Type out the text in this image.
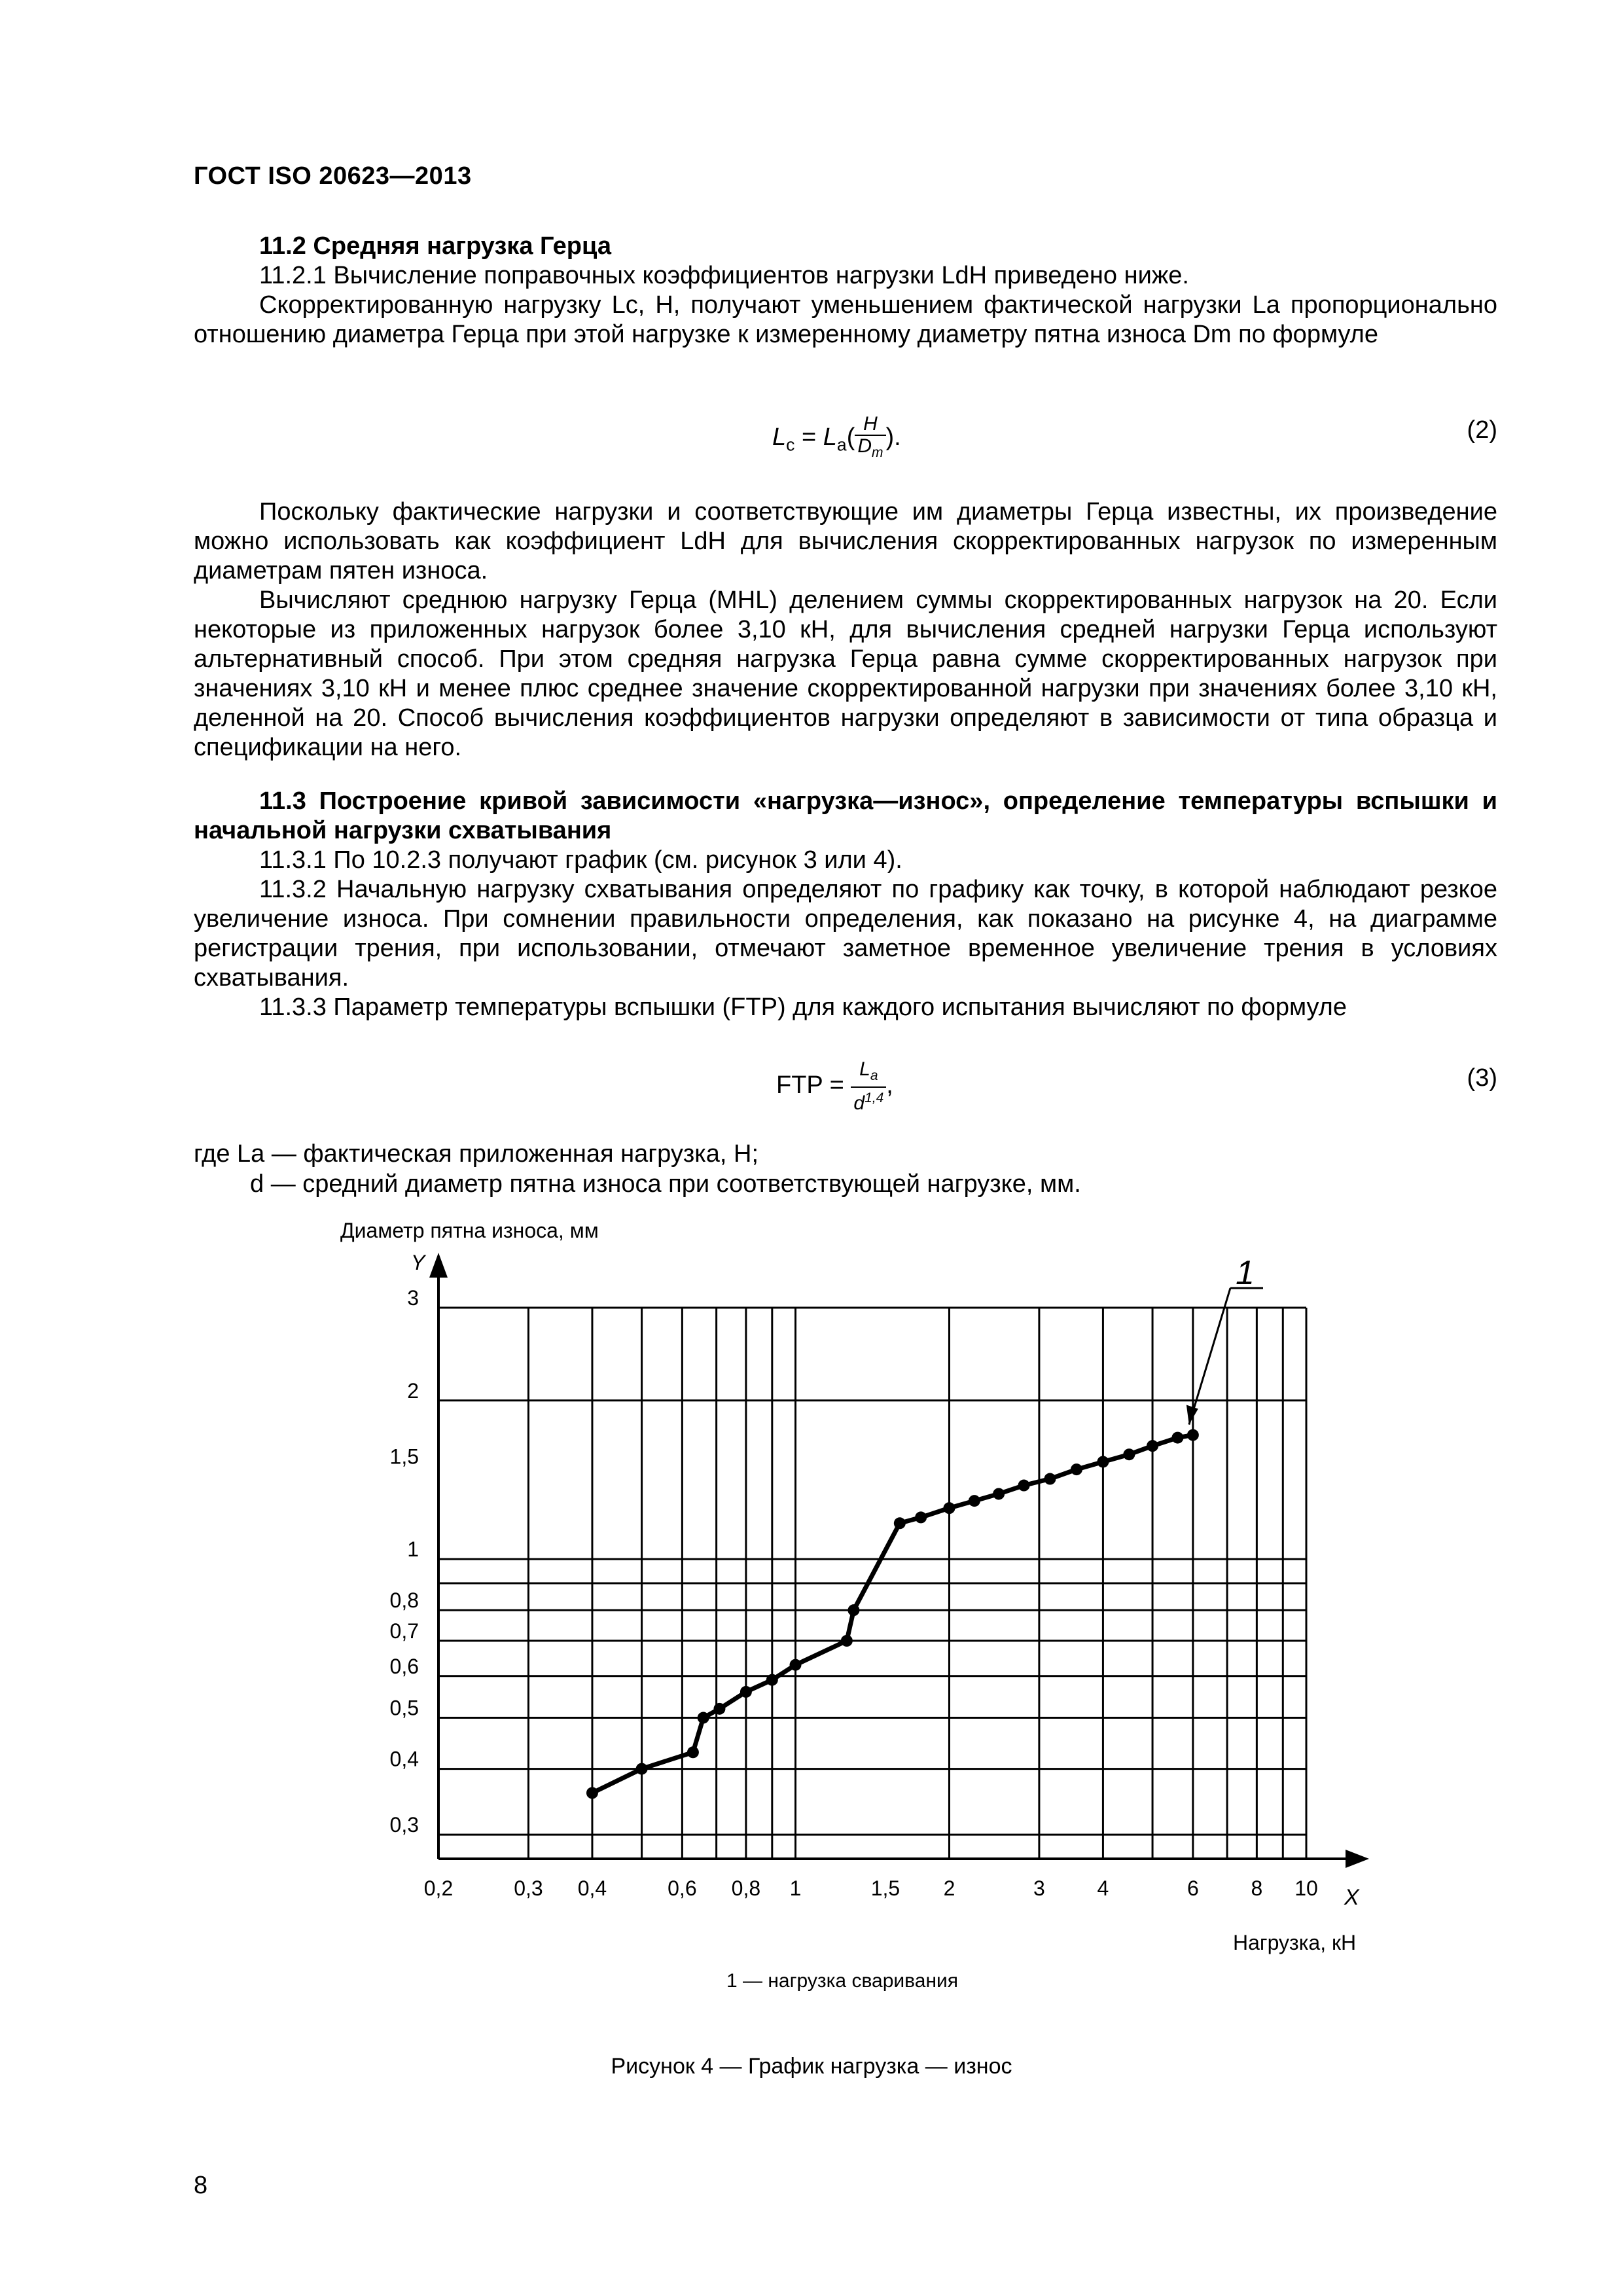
ГОСТ ISO 20623—2013

11.2 Средняя нагрузка Герца

11.2.1 Вычисление поправочных коэффициентов нагрузки LdН приведено ниже.

Скорректированную нагрузку Lc, Н, получают уменьшением фактической нагрузки La пропорционально отношению диаметра Герца при этой нагрузке к измеренному диаметру пятна износа Dm по формуле

$L_c = L_a( \frac{H}{D_m}$ ).	(2)

Поскольку фактические нагрузки и соответствующие им диаметры Герца известны, их произведение можно использовать как коэффициент LdН для вычисления скорректированных нагрузок по измеренным диаметрам пятен износа.

Вычисляют среднюю нагрузку Герца (MHL) делением суммы скорректированных нагрузок на 20. Если некоторые из приложенных нагрузок более 3,10 кН, для вычисления средней нагрузки Герца используют альтернативный способ. При этом средняя нагрузка Герца равна сумме скорректированных нагрузок при значениях 3,10 кН и менее плюс среднее значение скорректированной нагрузки при значениях более 3,10 кН, деленной на 20. Способ вычисления коэффициентов нагрузки определяют в зависимости от типа образца и спецификации на него.

11.3 Построение кривой зависимости «нагрузка—износ», определение температуры вспышки и начальной нагрузки схватывания

11.3.1 По 10.2.3 получают график (см. рисунок 3 или 4).

11.3.2 Начальную нагрузку схватывания определяют по графику как точку, в которой наблюдают резкое увеличение износа. При сомнении правильности определения, как показано на рисунке 4, на диаграмме регистрации трения, при использовании, отмечают заметное временное увеличение трения в условиях схватывания.

11.3.3 Параметр температуры вспышки (FTP) для каждого испытания вычисляют по формуле

FTP = $\frac{L_a}{d^{1,4}}$ ,	(3)
где La — фактическая приложенная нагрузка, Н;
d — средний диаметр пятна износа при соответствующей нагрузке, мм.
0,2	0,3 0,4	0,6 0,8 1	1,5 2	3 4	6 8 10
0,3
0,4
0,5
0,6
0,7
0,8
1
1,5
2
3
Y
X
1
Диаметр пятна износа, мм
Нагрузка, кН
1 — нагрузка сваривания
Рисунок 4 — График нагрузка — износ
8
